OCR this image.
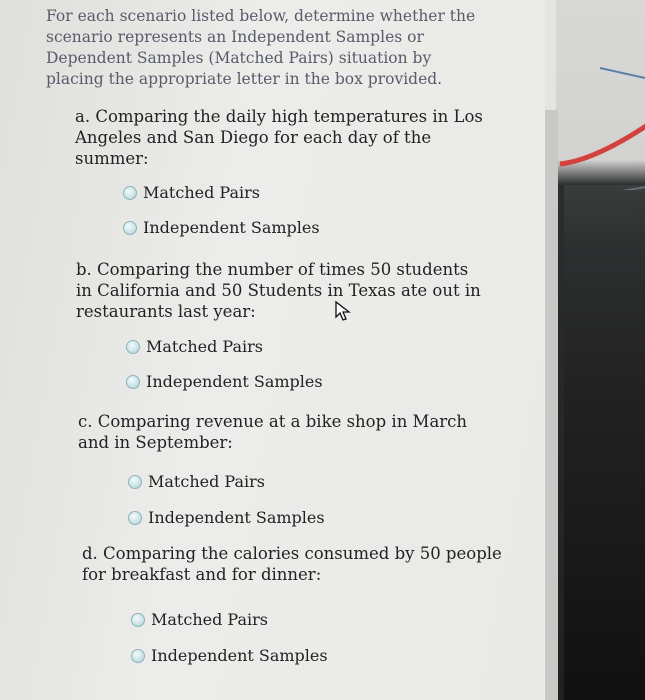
For each scenario listed below, determine whether the scenario represents an Independent Samples or Dependent Samples (Matched Pairs) situation by placing the appropriate letter in the box provided.
a. Comparing the daily high temperatures in Los Angeles and San Diego for each day of the summer:
Matched Pairs
Independent Samples
b. Comparing the number of times 50 students in California and 50 Students in Texas ate out in restaurants last year:
Matched Pairs
Independent Samples
c. Comparing revenue at a bike shop in March and in September:
Matched Pairs
Independent Samples
d. Comparing the calories consumed by 50 people for breakfast and for dinner:
Matched Pairs
Independent Samples
